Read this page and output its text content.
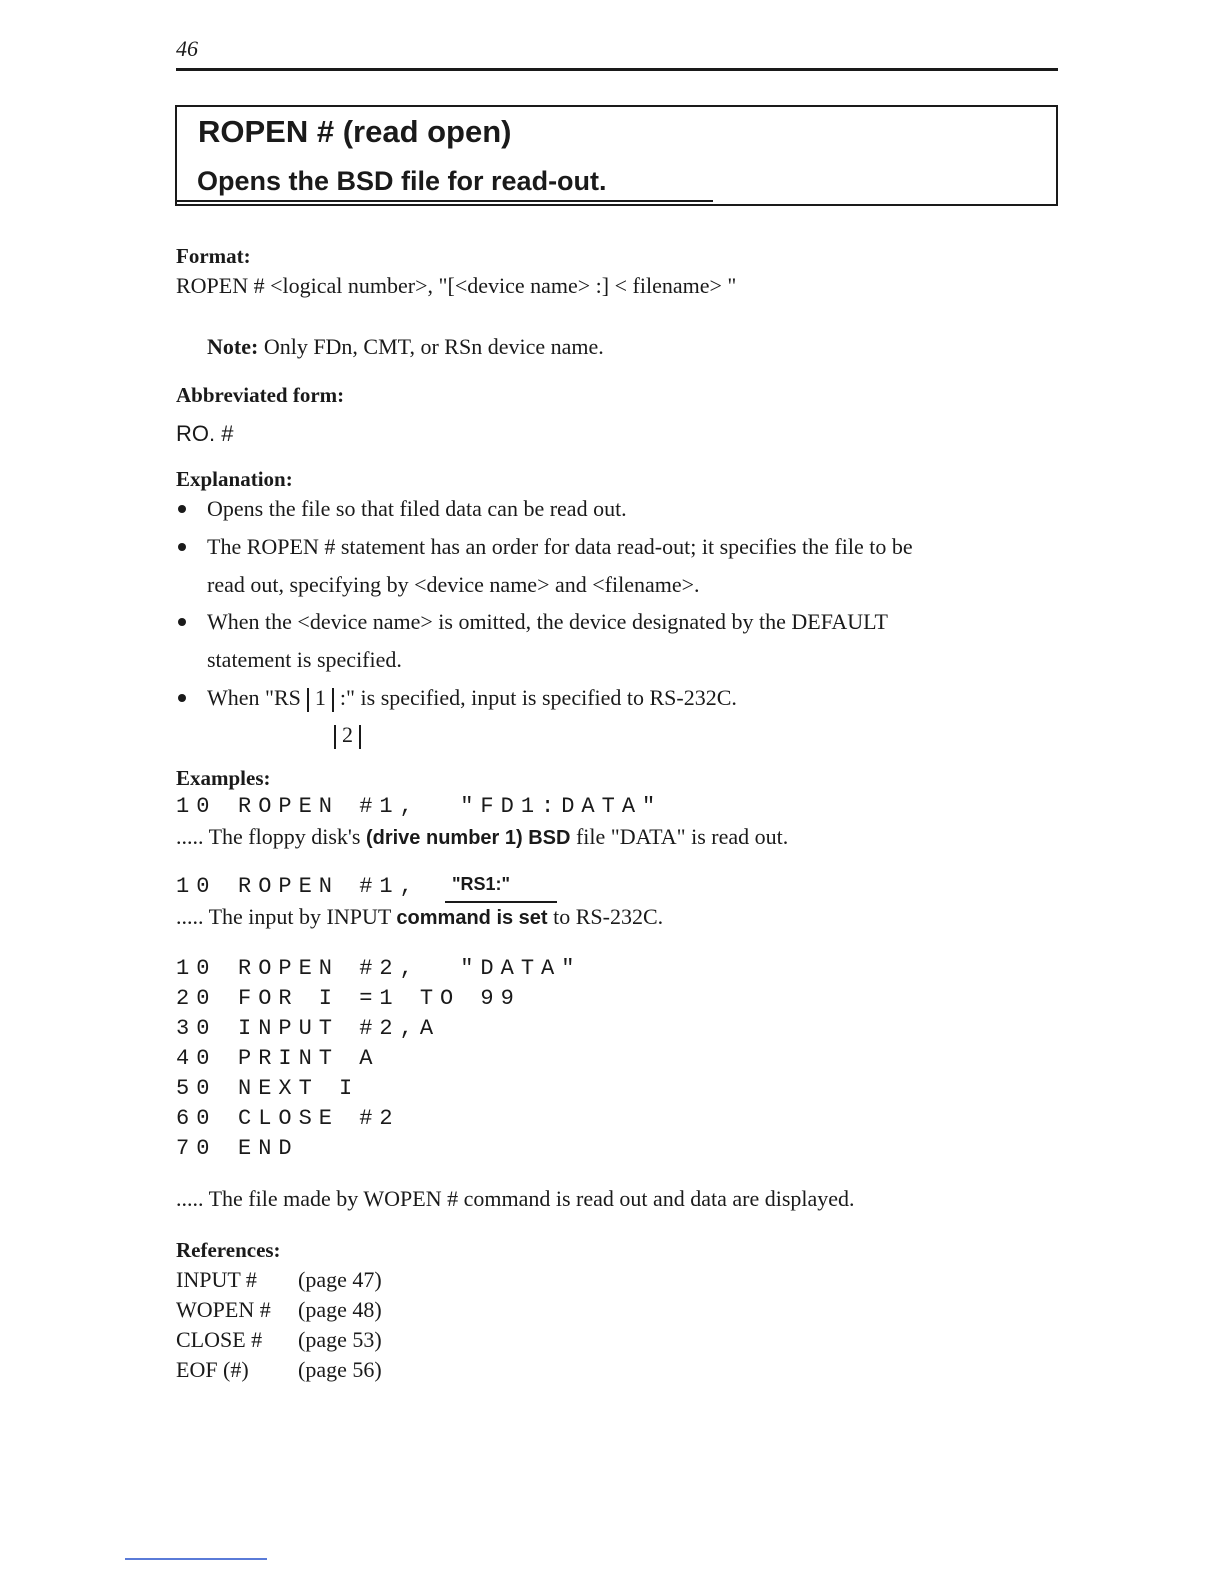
46
ROPEN # (read open)
Opens the BSD file for read-out.
Format:
ROPEN # <logical number>, "[<device name> :] < filename> "
Note: Only FDn, CMT, or RSn device name.
Abbreviated form:
RO. #
Explanation:
Opens the file so that filed data can be read out.
The ROPEN # statement has an order for data read-out; it specifies the file to be
read out, specifying by <device name> and <filename>.
When the <device name> is omitted, the device designated by the DEFAULT
statement is specified.
When "RS 1 :" is specified, input is specified to RS-232C.
2
Examples:
10 ROPEN #1,  "FD1:DATA"
..... The floppy disk's (drive number 1) BSD file "DATA" is read out.
10 ROPEN #1, "RS1:"
..... The input by INPUT command is set to RS-232C.
10 ROPEN #2,  "DATA"
20 FOR I =1 TO 99
30 INPUT #2,A
40 PRINT A
50 NEXT I
60 CLOSE #2
70 END
..... The file made by WOPEN # command is read out and data are displayed.
References:
INPUT # (page 47)
WOPEN # (page 48)
CLOSE # (page 53)
EOF (#) (page 56)
